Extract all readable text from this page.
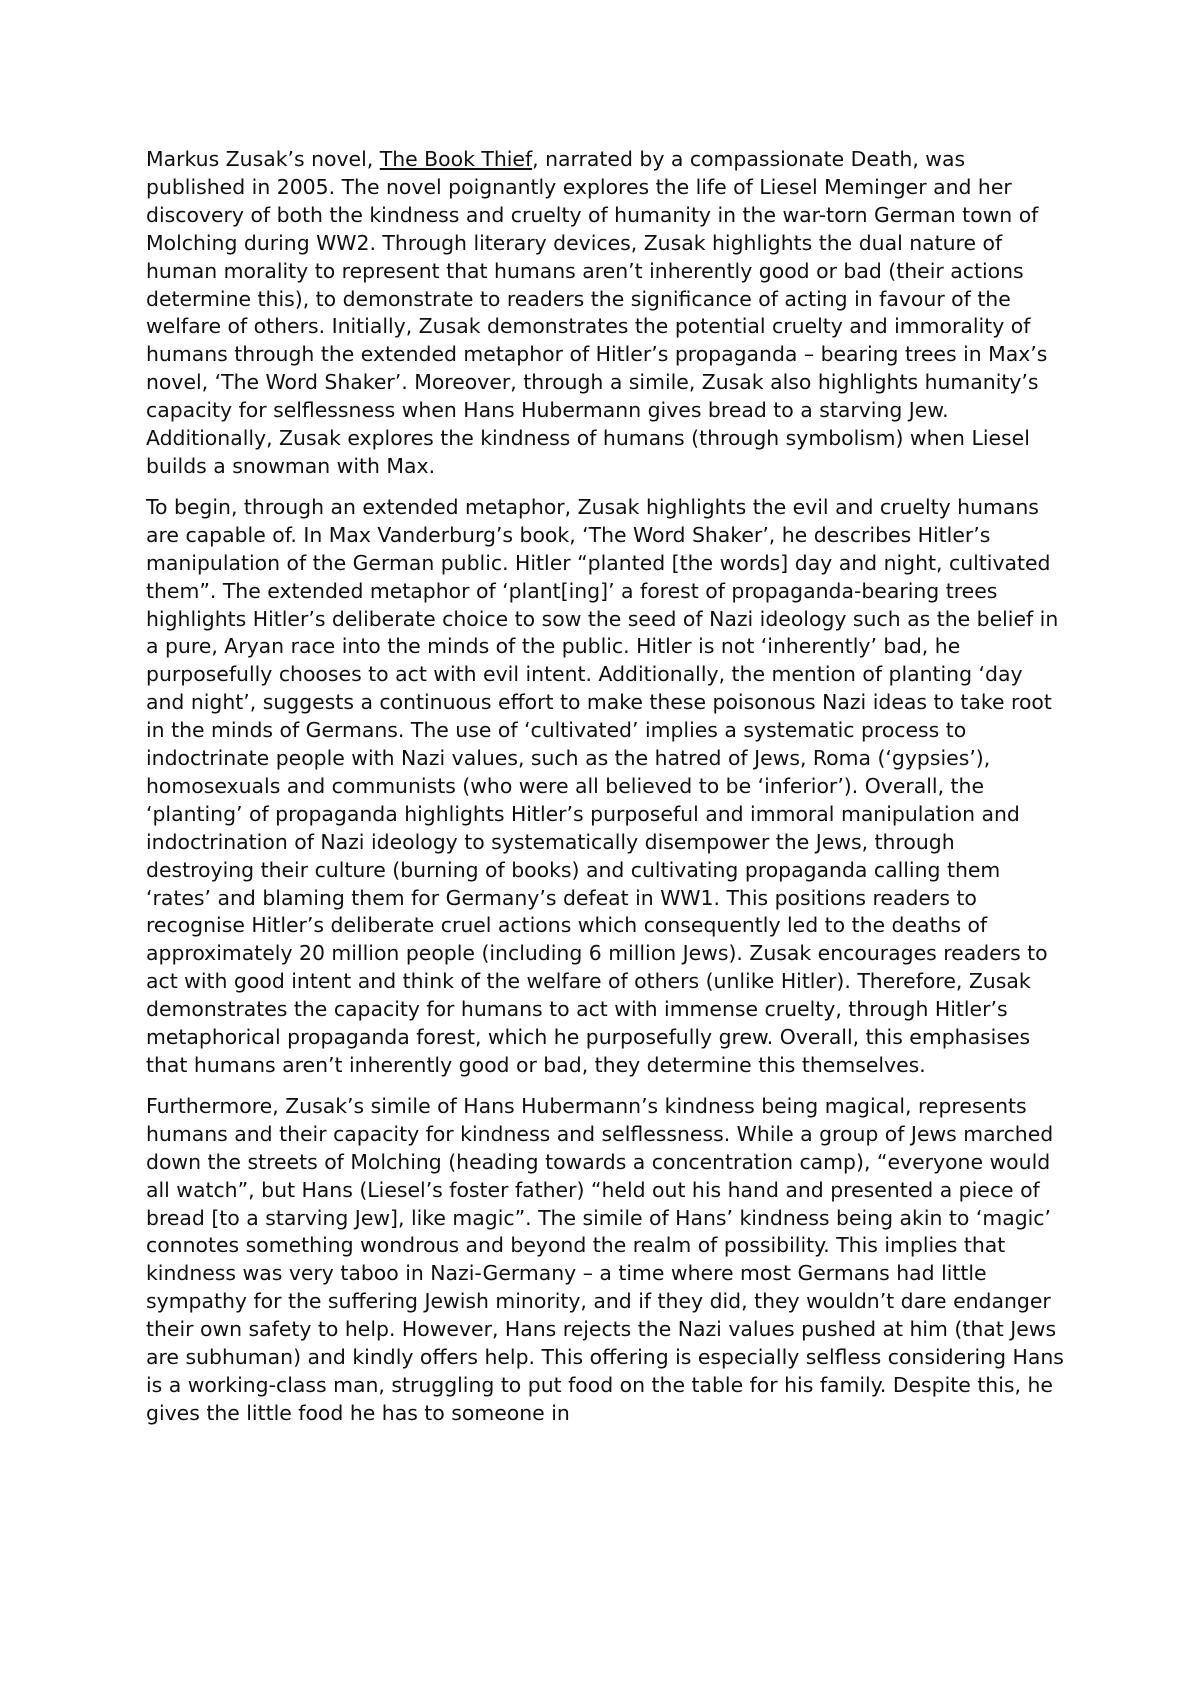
Markus Zusak’s novel, The Book Thief, narrated by a compassionate Death, was published in 2005. The novel poignantly explores the life of Liesel Meminger and her discovery of both the kindness and cruelty of humanity in the war-torn German town of Molching during WW2. Through literary devices, Zusak highlights the dual nature of human morality to represent that humans aren’t inherently good or bad (their actions determine this), to demonstrate to readers the significance of acting in favour of the welfare of others. Initially, Zusak demonstrates the potential cruelty and immorality of humans through the extended metaphor of Hitler’s propaganda – bearing trees in Max’s novel, ‘The Word Shaker’. Moreover, through a simile, Zusak also highlights humanity’s capacity for selflessness when Hans Hubermann gives bread to a starving Jew. Additionally, Zusak explores the kindness of humans (through symbolism) when Liesel builds a snowman with Max.

To begin, through an extended metaphor, Zusak highlights the evil and cruelty humans are capable of. In Max Vanderburg’s book, ‘The Word Shaker’, he describes Hitler’s manipulation of the German public. Hitler “planted [the words] day and night, cultivated them”. The extended metaphor of ‘plant[ing]’ a forest of propaganda-bearing trees highlights Hitler’s deliberate choice to sow the seed of Nazi ideology such as the belief in a pure, Aryan race into the minds of the public. Hitler is not ‘inherently’ bad, he purposefully chooses to act with evil intent. Additionally, the mention of planting ‘day and night’, suggests a continuous effort to make these poisonous Nazi ideas to take root in the minds of Germans. The use of ‘cultivated’ implies a systematic process to indoctrinate people with Nazi values, such as the hatred of Jews, Roma (‘gypsies’), homosexuals and communists (who were all believed to be ‘inferior’). Overall, the ‘planting’ of propaganda highlights Hitler’s purposeful and immoral manipulation and indoctrination of Nazi ideology to systematically disempower the Jews, through destroying their culture (burning of books) and cultivating propaganda calling them ‘rates’ and blaming them for Germany’s defeat in WW1. This positions readers to recognise Hitler’s deliberate cruel actions which consequently led to the deaths of approximately 20 million people (including 6 million Jews). Zusak encourages readers to act with good intent and think of the welfare of others (unlike Hitler). Therefore, Zusak demonstrates the capacity for humans to act with immense cruelty, through Hitler’s metaphorical propaganda forest, which he purposefully grew. Overall, this emphasises that humans aren’t inherently good or bad, they determine this themselves.

Furthermore, Zusak’s simile of Hans Hubermann’s kindness being magical, represents humans and their capacity for kindness and selflessness. While a group of Jews marched down the streets of Molching (heading towards a concentration camp), “everyone would all watch”, but Hans (Liesel’s foster father) “held out his hand and presented a piece of bread [to a starving Jew], like magic”. The simile of Hans’ kindness being akin to ‘magic’ connotes something wondrous and beyond the realm of possibility. This implies that kindness was very taboo in Nazi-Germany – a time where most Germans had little sympathy for the suffering Jewish minority, and if they did, they wouldn’t dare endanger their own safety to help. However, Hans rejects the Nazi values pushed at him (that Jews are subhuman) and kindly offers help. This offering is especially selfless considering Hans is a working-class man, struggling to put food on the table for his family. Despite this, he gives the little food he has to someone in
